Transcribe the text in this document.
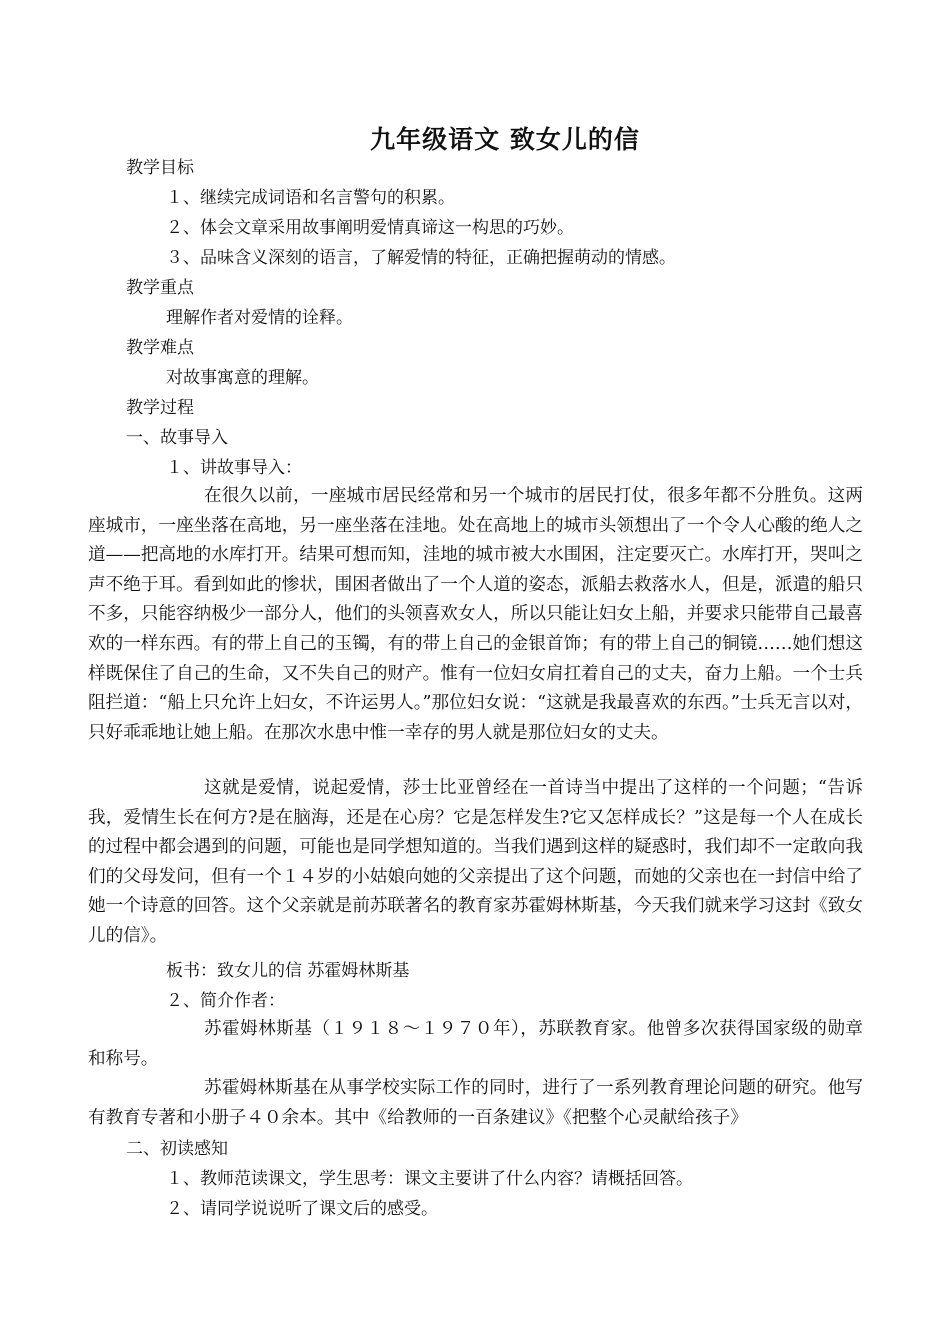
九年级语文 致女儿的信
教学目标
１、继续完成词语和名言警句的积累。
２、体会文章采用故事阐明爱情真谛这一构思的巧妙。
３、品味含义深刻的语言，了解爱情的特征，正确把握萌动的情感。
教学重点
理解作者对爱情的诠释。
教学难点
对故事寓意的理解。
教学过程
一、故事导入
１、讲故事导入：
在很久以前，一座城市居民经常和另一个城市的居民打仗，很多年都不分胜负。这两座城市，一座坐落在高地，另一座坐落在洼地。处在高地上的城市头领想出了一个令人心酸的绝人之道——把高地的水库打开。结果可想而知，洼地的城市被大水围困，注定要灭亡。水库打开，哭叫之声不绝于耳。看到如此的惨状，围困者做出了一个人道的姿态，派船去救落水人，但是，派遣的船只不多，只能容纳极少一部分人，他们的头领喜欢女人，所以只能让妇女上船，并要求只能带自己最喜欢的一样东西。有的带上自己的玉镯，有的带上自己的金银首饰；有的带上自己的铜镜……她们想这样既保住了自己的生命，又不失自己的财产。惟有一位妇女肩扛着自己的丈夫，奋力上船。一个士兵阻拦道：“船上只允许上妇女，不许运男人。”那位妇女说：“这就是我最喜欢的东西。”士兵无言以对，只好乖乖地让她上船。在那次水患中惟一幸存的男人就是那位妇女的丈夫。
这就是爱情，说起爱情，莎士比亚曾经在一首诗当中提出了这样的一个问题；“告诉我，爱情生长在何方?是在脑海，还是在心房？它是怎样发生?它又怎样成长？”这是每一个人在成长的过程中都会遇到的问题，可能也是同学想知道的。当我们遇到这样的疑惑时，我们却不一定敢向我们的父母发问，但有一个１４岁的小姑娘向她的父亲提出了这个问题，而她的父亲也在一封信中给了她一个诗意的回答。这个父亲就是前苏联著名的教育家苏霍姆林斯基，今天我们就来学习这封《致女儿的信》。
板书：致女儿的信 苏霍姆林斯基
２、简介作者：
苏霍姆林斯基（１９１８～１９７０年），苏联教育家。他曾多次获得国家级的勋章和称号。
苏霍姆林斯基在从事学校实际工作的同时，进行了一系列教育理论问题的研究。他写有教育专著和小册子４０余本。其中《给教师的一百条建议》《把整个心灵献给孩子》
二、初读感知
１、教师范读课文，学生思考：课文主要讲了什么内容？请概括回答。
２、请同学说说听了课文后的感受。
